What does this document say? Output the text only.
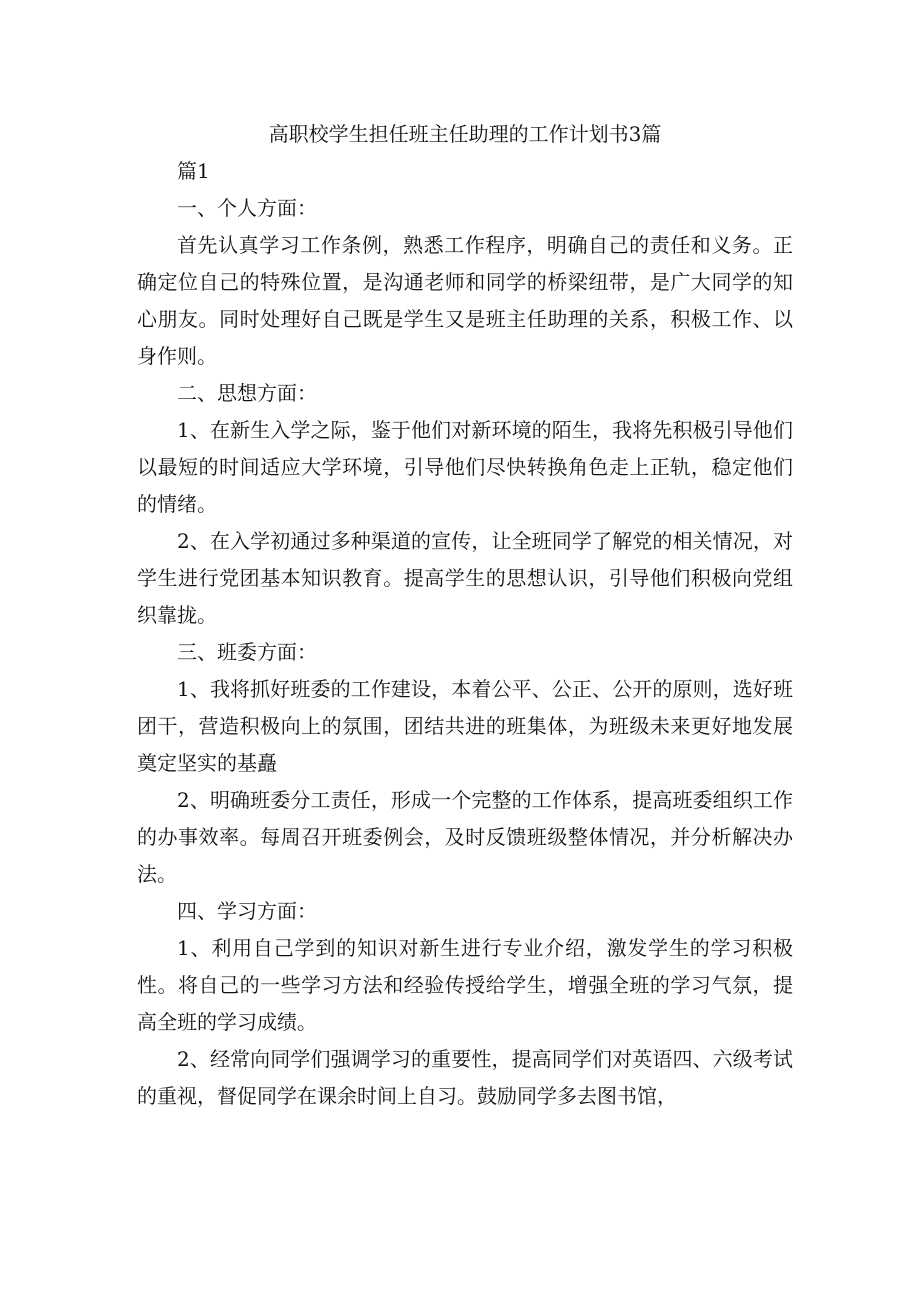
高职校学生担任班主任助理的工作计划书3篇

篇1

一、个人方面：

首先认真学习工作条例，熟悉工作程序，明确自己的责任和义务。正确定位自己的特殊位置，是沟通老师和同学的桥梁纽带，是广大同学的知心朋友。同时处理好自己既是学生又是班主任助理的关系，积极工作、以身作则。

二、思想方面：

1、在新生入学之际，鉴于他们对新环境的陌生，我将先积极引导他们以最短的时间适应大学环境，引导他们尽快转换角色走上正轨，稳定他们的情绪。

2、在入学初通过多种渠道的宣传，让全班同学了解党的相关情况，对学生进行党团基本知识教育。提高学生的思想认识，引导他们积极向党组织靠拢。

三、班委方面：

1、我将抓好班委的工作建设，本着公平、公正、公开的原则，选好班团干，营造积极向上的氛围，团结共进的班集体，为班级未来更好地发展奠定坚实的基矗

2、明确班委分工责任，形成一个完整的工作体系，提高班委组织工作的办事效率。每周召开班委例会，及时反馈班级整体情况，并分析解决办法。

四、学习方面：

1、利用自己学到的知识对新生进行专业介绍，激发学生的学习积极性。将自己的一些学习方法和经验传授给学生，增强全班的学习气氛，提高全班的学习成绩。

2、经常向同学们强调学习的重要性，提高同学们对英语四、六级考试的重视，督促同学在课余时间上自习。鼓励同学多去图书馆，
